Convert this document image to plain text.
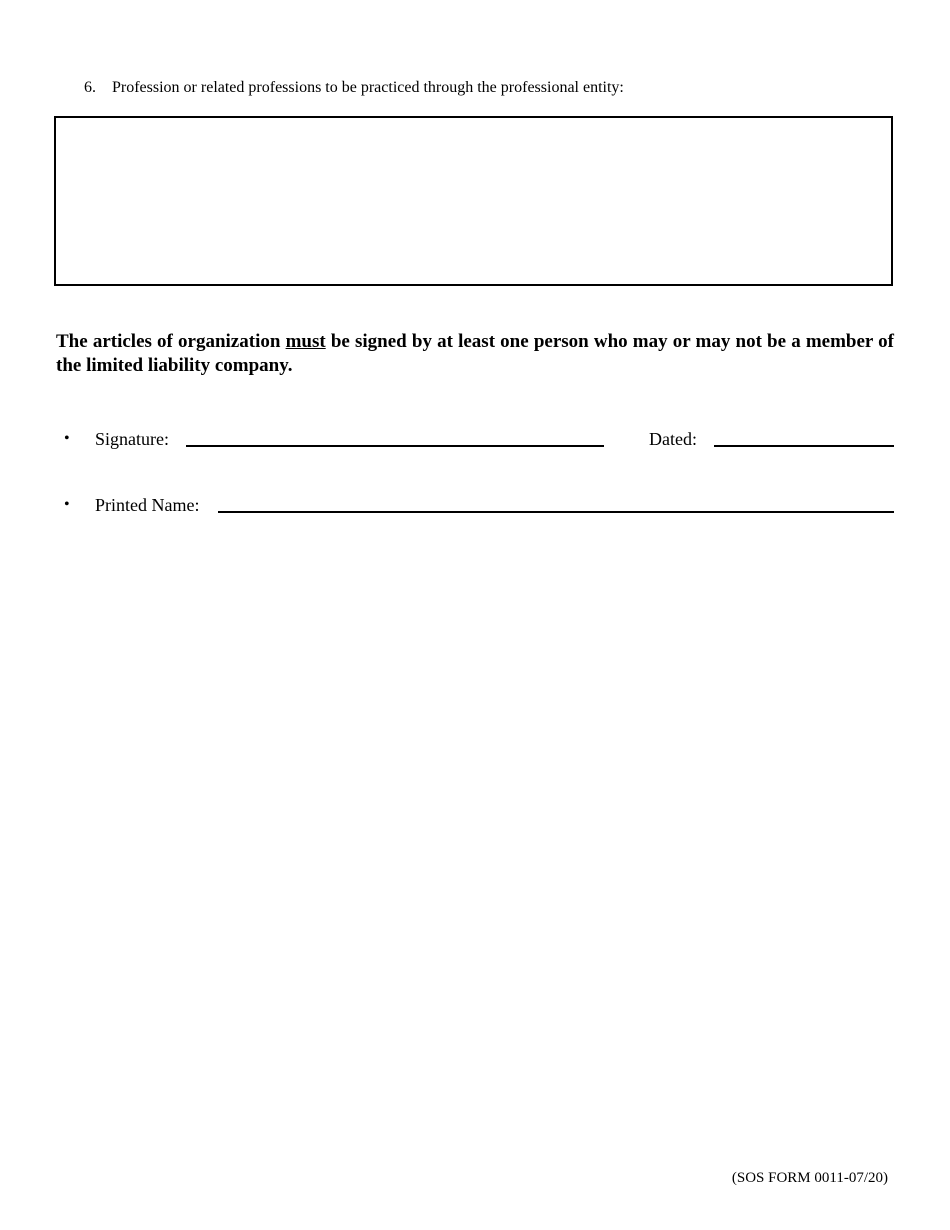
6. Profession or related professions to be practiced through the professional entity:
The articles of organization must be signed by at least one person who may or may not be a member of the limited liability company.
• Signature:	Dated:
• Printed Name:
(SOS FORM 0011-07/20)
